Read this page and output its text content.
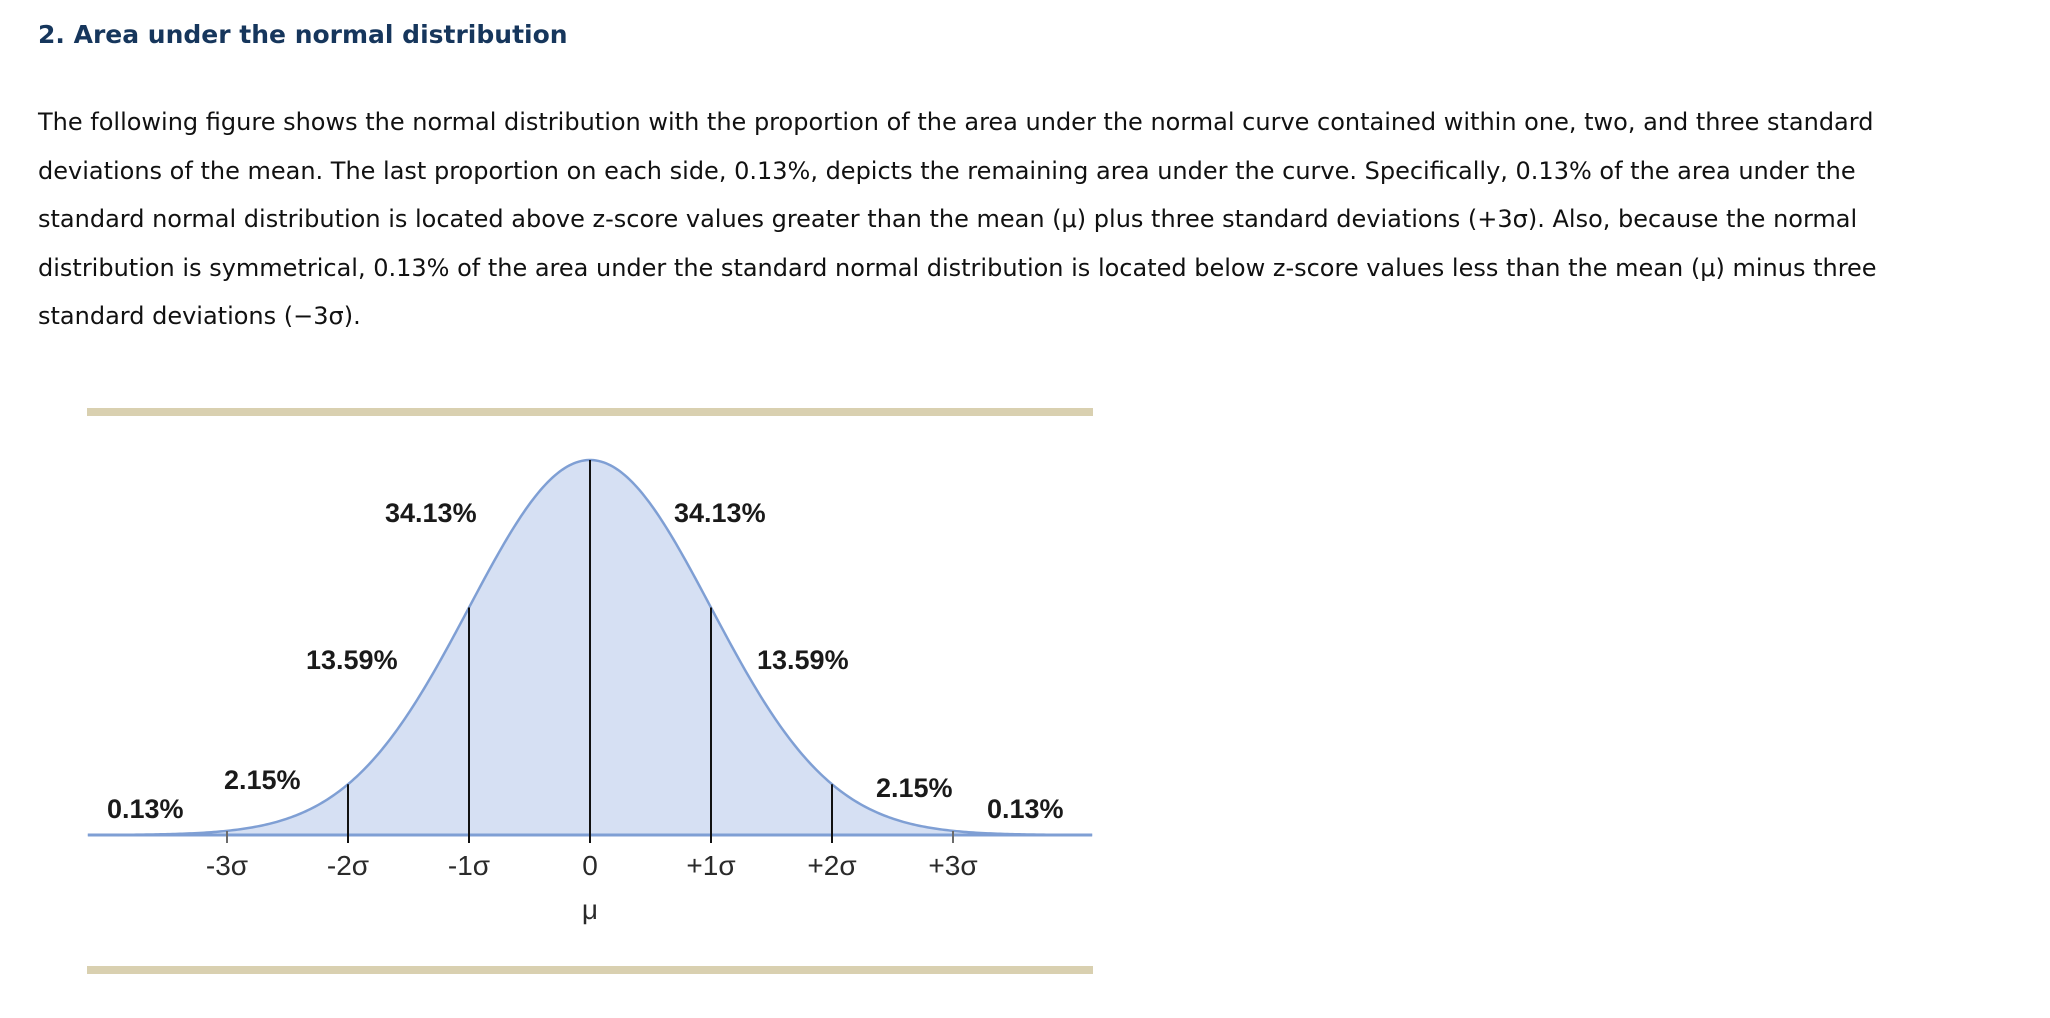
2. Area under the normal distribution

The following figure shows the normal distribution with the proportion of the area under the normal curve contained within one, two, and three standard deviations of the mean. The last proportion on each side, 0.13%, depicts the remaining area under the curve. Specifically, 0.13% of the area under the standard normal distribution is located above z-score values greater than the mean (μ) plus three standard deviations (+3σ). Also, because the normal distribution is symmetrical, 0.13% of the area under the standard normal distribution is located below z-score values less than the mean (μ) minus three standard deviations (−3σ).

-3σ	-2σ	-1σ	0	+1σ	+2σ	+3σ
μ
0.13%
2.15%
13.59%
34.13%	34.13%
13.59%
2.15%
0.13%
